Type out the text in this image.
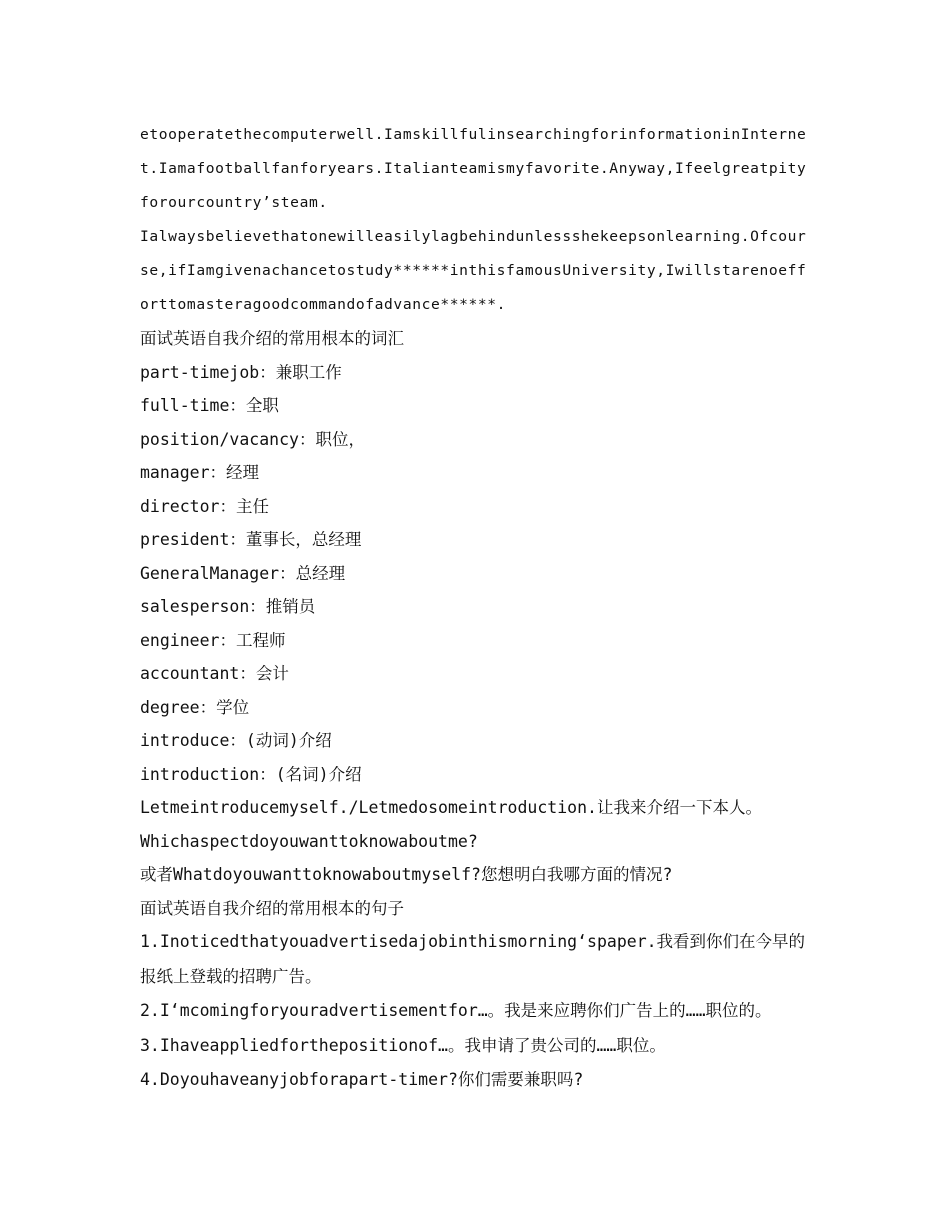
etooperatethecomputerwell.IamskillfulinsearchingforinformationinInternet.Iamafootballfanforyears.Italianteamismyfavorite.Anyway,Ifeelgreatpityforourcountry’steam.
Ialwaysbelievethatonewilleasilylagbehindunlessshekeepsonlearning.Ofcourse,ifIamgivenachancetostudy******inthisfamousUniversity,Iwillstarenoefforttomasteragoodcommandofadvance******.
面试英语自我介绍的常用根本的词汇
part-timejob：兼职工作
full-time：全职
position/vacancy：职位，
manager：经理
director：主任
president：董事长，总经理
GeneralManager：总经理
salesperson：推销员
engineer：工程师
accountant：会计
degree：学位
introduce：(动词)介绍
introduction：(名词)介绍
Letmeintroducemyself./Letmedosomeintroduction.让我来介绍一下本人。
Whichaspectdoyouwanttoknowaboutme?
或者Whatdoyouwanttoknowaboutmyself?您想明白我哪方面的情况?
面试英语自我介绍的常用根本的句子
1.Inoticedthatyouadvertisedajobinthismorning‘spaper.我看到你们在今早的报纸上登载的招聘广告。
2.I‘mcomingforyouradvertisementfor…。我是来应聘你们广告上的……职位的。
3.Ihaveappliedforthepositionof…。我申请了贵公司的……职位。
4.Doyouhaveanyjobforapart-timer?你们需要兼职吗?
